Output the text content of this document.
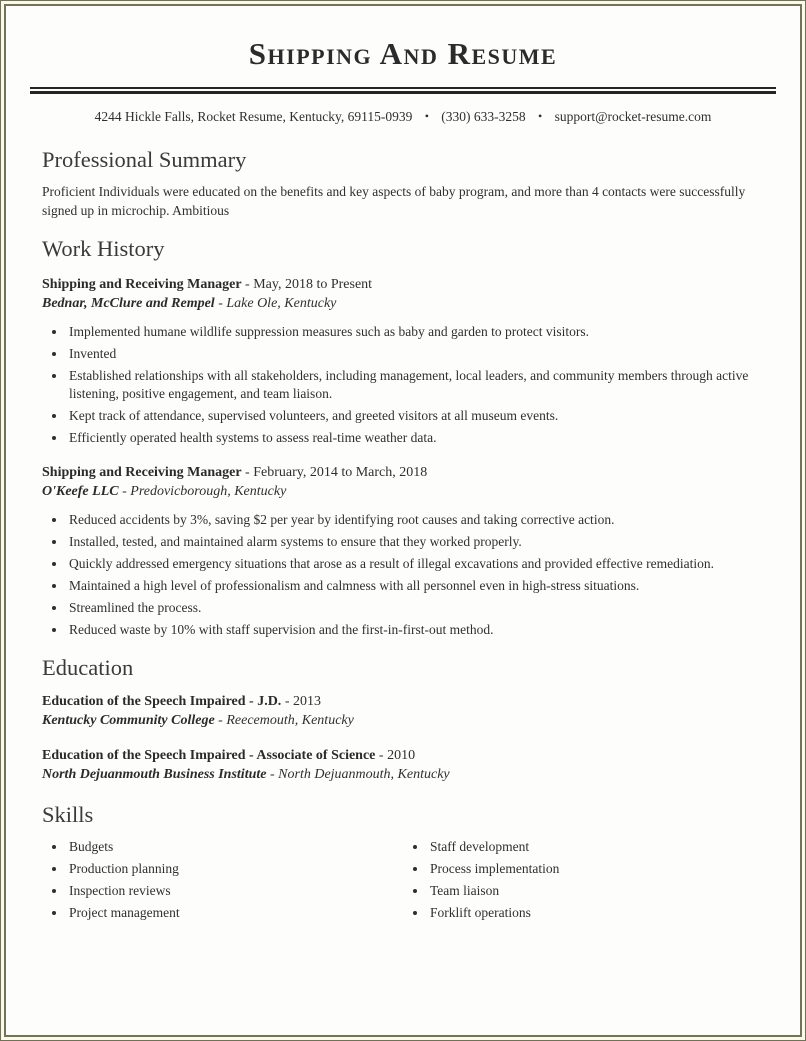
Shipping And Resume
4244 Hickle Falls, Rocket Resume, Kentucky, 69115-0939 • (330) 633-3258 • support@rocket-resume.com
Professional Summary
Proficient Individuals were educated on the benefits and key aspects of baby program, and more than 4 contacts were successfully signed up in microchip. Ambitious
Work History
Shipping and Receiving Manager - May, 2018 to Present
Bednar, McClure and Rempel - Lake Ole, Kentucky
• Implemented humane wildlife suppression measures such as baby and garden to protect visitors.
• Invented
• Established relationships with all stakeholders, including management, local leaders, and community members through active listening, positive engagement, and team liaison.
• Kept track of attendance, supervised volunteers, and greeted visitors at all museum events.
• Efficiently operated health systems to assess real-time weather data.
Shipping and Receiving Manager - February, 2014 to March, 2018
O'Keefe LLC - Predovicborough, Kentucky
• Reduced accidents by 3%, saving $2 per year by identifying root causes and taking corrective action.
• Installed, tested, and maintained alarm systems to ensure that they worked properly.
• Quickly addressed emergency situations that arose as a result of illegal excavations and provided effective remediation.
• Maintained a high level of professionalism and calmness with all personnel even in high-stress situations.
• Streamlined the process.
• Reduced waste by 10% with staff supervision and the first-in-first-out method.
Education
Education of the Speech Impaired - J.D. - 2013
Kentucky Community College - Reecemouth, Kentucky
Education of the Speech Impaired - Associate of Science - 2010
North Dejuanmouth Business Institute - North Dejuanmouth, Kentucky
Skills
• Budgets
• Production planning
• Inspection reviews
• Project management
• Staff development
• Process implementation
• Team liaison
• Forklift operations
